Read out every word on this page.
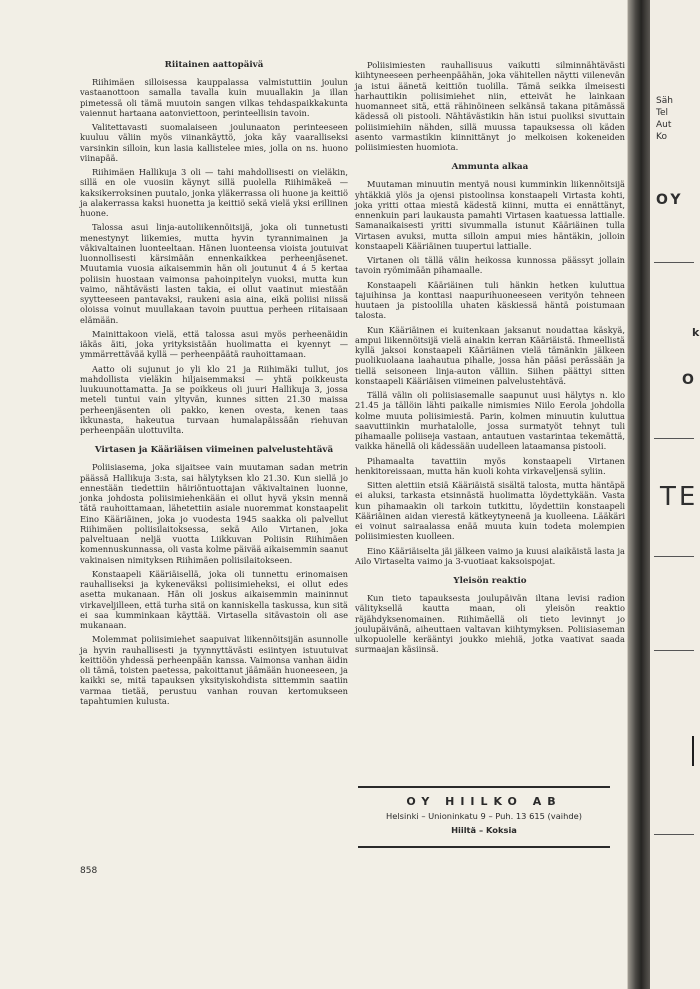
Riitainen aattopäivä

Riihimäen silloisessa kauppalassa valmistuttiin joulun vastaanottoon samalla tavalla kuin muuallakin ja illan pimetessä oli tämä muutoin sangen vilkas tehdaspaikkakunta vaiennut hartaana aatonviettoon, perinteellisin tavoin.

Valitettavasti suomalaiseen joulunaaton perinteeseen kuuluu väliin myös viinankäyttö, joka käy vaaralliseksi varsinkin silloin, kun lasia kallistelee mies, jolla on ns. huono viinapää.

Riihimäen Hallikuja 3 oli — tahi mahdollisesti on vieläkin, sillä en ole vuosiin käynyt sillä puolella Riihimäkeä — kaksikerroksinen puutalo, jonka yläkerrassa oli huone ja keittiö ja alakerrassa kaksi huonetta ja keittiö sekä vielä yksi erillinen huone.

Talossa asui linja-autoliikennöitsijä, joka oli tunnetusti menestynyt liikemies, mutta hyvin tyrannimainen ja väkivaltainen luonteeltaan. Hänen luonteensa vioista joutuivat luonnollisesti kärsimään ennenkaikkea perheenjäsenet. Muutamia vuosia aikaisemmin hän oli joutunut 4 á 5 kertaa poliisin huostaan vaimonsa pahoinpitelyn vuoksi, mutta kun vaimo, nähtävästi lasten takia, ei ollut vaatinut miestään syytteeseen pantavaksi, raukeni asia aina, eikä poliisi niissä oloissa voinut muullakaan tavoin puuttua perheen riitaisaan elämään.

Mainittakoon vielä, että talossa asui myös perheenäidin iäkäs äiti, joka yrityksistään huolimatta ei kyennyt — ymmärrettävää kyllä — perheenpäätä rauhoittamaan.

Aatto oli sujunut jo yli klo 21 ja Riihimäki tullut, jos mahdollista vieläkin hiljaisemmaksi — yhtä poikkeusta luukuunottamatta. Ja se poikkeus oli juuri Hallikuja 3, jossa meteli tuntui vain yltyvän, kunnes sitten 21.30 maissa perheenjäsenten oli pakko, kenen ovesta, kenen taas ikkunasta, hakeutua turvaan humalapäissään riehuvan perheenpään ulottuvilta.

Virtasen ja Kääriäisen viimeinen palvelustehtävä

Poliisiasema, joka sijaitsee vain muutaman sadan metrin päässä Hallikuja 3:sta, sai hälytyksen klo 21.30. Kun siellä jo ennestään tiedettiin häiriöntuottajan väkivaltainen luonne, jonka johdosta poliisimiehenkään ei ollut hyvä yksin mennä tätä rauhoittamaan, lähetettiin asiale nuoremmat konstaapelit Eino Kääriäinen, joka jo vuodesta 1945 saakka oli palvellut Riihimäen poliisilaitoksessa, sekä Ailo Virtanen, joka palveltuaan neljä vuotta Liikkuvan Poliisin Riihimäen komennuskunnassa, oli vasta kolme päivää aikaisemmin saanut vakinaisen nimityksen Riihimäen poliisilaitokseen.

Konstaapeli Kääriäisellä, joka oli tunnettu erinomaisen rauhalliseksi ja kykeneväksi poliisimieheksi, ei ollut edes asetta mukanaan. Hän oli joskus aikaisemmin maininnut virkaveljilleen, että turha sitä on kanniskella taskussa, kun sitä ei saa kumminkaan käyttää. Virtasella sitävastoin oli ase mukanaan.

Molemmat poliisimiehet saapuivat liikennöitsijän asunnolle ja hyvin rauhallisesti ja tyynnyttävästi esiintyen istuutuivat keittiöön yhdessä perheenpään kanssa. Vaimonsa vanhan äidin oli tämä, toisten paetessa, pakoittanut jäämään huoneeseen, ja kaikki se, mitä tapauksen yksityiskohdista sittemmin saatiin varmaa tietää, perustuu vanhan rouvan kertomukseen tapahtumien kulusta.

Poliisimiesten rauhallisuus vaikutti silminnähtävästi kiihtyneeseen perheenpäähän, joka vähitellen näytti viilenevän ja istui äänetä keittiön tuolilla. Tämä seikka ilmeisesti harhauttikin poliisimiehet niin, etteivät he lainkaan huomanneet sitä, että rähinöineen selkänsä takana pitämässä kädessä oli pistooli. Nähtävästikin hän istui puoliksi sivuttain poliisimiehiin nähden, sillä muussa tapauksessa oli käden asento varmastikin kiinnittänyt jo melkoisen kokeneiden poliisimiesten huomiota.

Ammunta alkaa

Muutaman minuutin mentyä nousi kumminkin liikennöitsijä yhtäkkiä ylös ja ojensi pistoolinsa konstaapeli Virtasta kohti, joka yritti ottaa miestä kädestä kiinni, mutta ei ennättänyt, ennenkuin pari laukausta pamahti Virtasen kaatuessa lattialle. Samanaikaisesti yritti sivummalla istunut Kääriäinen tulla Virtasen avuksi, mutta silloin ampui mies häntäkin, jolloin konstaapeli Kääriäinen tuupertui lattialle.

Virtanen oli tällä välin heikossa kunnossa päässyt jollain tavoin ryömimään pihamaalle.

Konstaapeli Kääriäinen tuli hänkin hetken kuluttua tajuihinsa ja konttasi naapurihuoneeseen verityön tehneen huutaen ja pistoolilla uhaten käskiessä häntä poistumaan talosta.

Kun Kääriäinen ei kuitenkaan jaksanut noudattaa käskyä, ampui liikennöitsijä vielä ainakin kerran Kääriäistä. Ihmeellistä kyllä jaksoi konstaapeli Kääriäinen vielä tämänkin jälkeen puolikuolaana laahautua pihalle, jossa hän pääsi perässään ja tiellä seisoneen linja-auton välliin. Siihen päättyi sitten konstaapeli Kääriäisen viimeinen palvelustehtävä.

Tällä välin oli poliisiasemalle saapunut uusi hälytys n. klo 21.45 ja tällöin lähti paikalle nimismies Niilo Eerola johdolla kolme muuta poliisimiestä. Parin, kolmen minuutin kuluttua saavuttiinkin murhatalolle, jossa surmatyöt tehnyt tuli pihamaalle poliiseja vastaan, antautuen vastarintaa tekemättä, vaikka hänellä oli kädessään uudelleen lataamansa pistooli.

Pihamaalta tavattiin myös konstaapeli Virtanen henkitoreissaan, mutta hän kuoli kohta virkaveljensä syliin.

Sitten alettiin etsiä Kääriäistä sisältä talosta, mutta häntäpä ei aluksi, tarkasta etsinnästä huolimatta löydettykään. Vasta kun pihamaakin oli tarkoin tutkittu, löydettiin konstaapeli Kääriäinen aidan vierestä kätkeytyneenä ja kuolleena. Lääkäri ei voinut sairaalassa enää muuta kuin todeta molempien poliisimiesten kuolleen.

Eino Kääriäiselta jäi jälkeen vaimo ja kuusi alaikäistä lasta ja Ailo Virtaselta vaimo ja 3-vuotiaat kaksoispojat.

Yleisön reaktio

Kun tieto tapauksesta joulupäivän iltana levisi radion välityksellä kautta maan, oli yleisön reaktio räjähdyksenomainen. Riihimäellä oli tieto levinnyt jo joulupäivänä, aiheuttaen valtavan kiihtymyksen. Poliisiaseman ulkopuolelle kerääntyi joukko miehiä, jotka vaativat saada surmaajan käsiinsä.

OY HIILKO AB
Helsinki – Unioninkatu 9 – Puh. 13 615 (vaihde)
Hiiltä – Koksia
858
Säh
Tel
Aut
Ko
OY
k
O
TE
